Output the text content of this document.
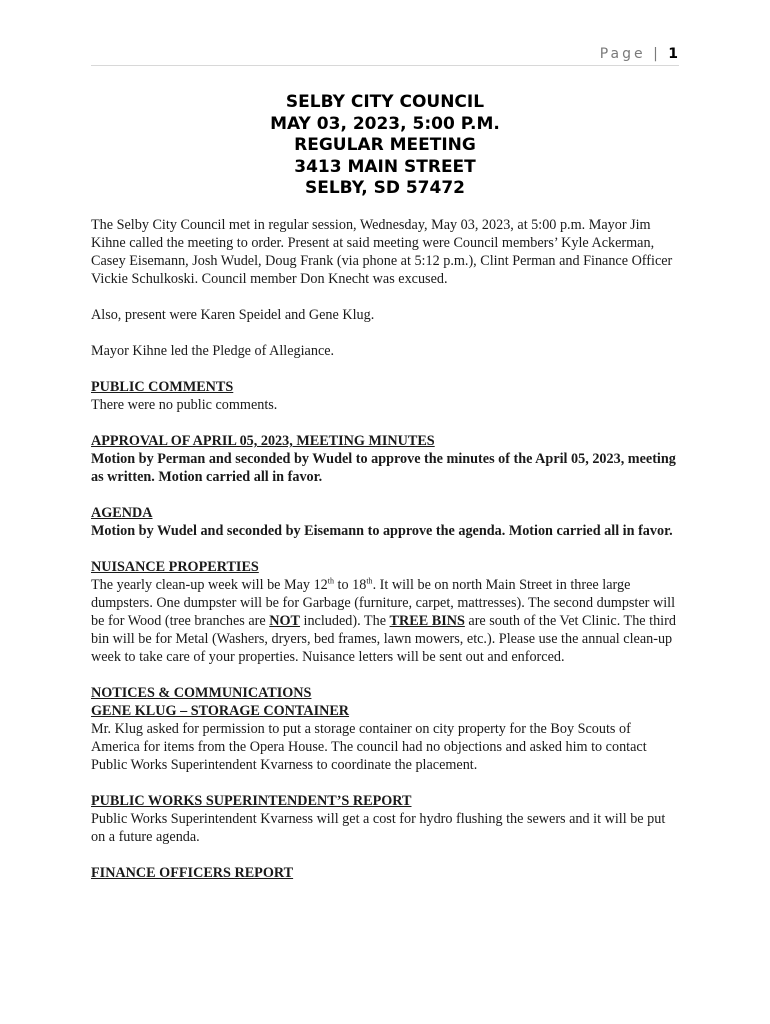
Page | 1
SELBY CITY COUNCIL
MAY 03, 2023, 5:00 P.M.
REGULAR MEETING
3413 MAIN STREET
SELBY, SD 57472

The Selby City Council met in regular session, Wednesday, May 03, 2023, at 5:00 p.m. Mayor Jim Kihne called the meeting to order. Present at said meeting were Council members’ Kyle Ackerman, Casey Eisemann, Josh Wudel, Doug Frank (via phone at 5:12 p.m.), Clint Perman and Finance Officer Vickie Schulkoski. Council member Don Knecht was excused.

Also, present were Karen Speidel and Gene Klug.

Mayor Kihne led the Pledge of Allegiance.

PUBLIC COMMENTS
There were no public comments.

APPROVAL OF APRIL 05, 2023, MEETING MINUTES
Motion by Perman and seconded by Wudel to approve the minutes of the April 05, 2023, meeting as written. Motion carried all in favor.

AGENDA
Motion by Wudel and seconded by Eisemann to approve the agenda. Motion carried all in favor.

NUISANCE PROPERTIES
The yearly clean-up week will be May 12th to 18th. It will be on north Main Street in three large dumpsters. One dumpster will be for Garbage (furniture, carpet, mattresses). The second dumpster will be for Wood (tree branches are NOT included). The TREE BINS are south of the Vet Clinic. The third bin will be for Metal (Washers, dryers, bed frames, lawn mowers, etc.). Please use the annual clean-up week to take care of your properties. Nuisance letters will be sent out and enforced.

NOTICES & COMMUNICATIONS
GENE KLUG – STORAGE CONTAINER
Mr. Klug asked for permission to put a storage container on city property for the Boy Scouts of America for items from the Opera House. The council had no objections and asked him to contact Public Works Superintendent Kvarness to coordinate the placement.

PUBLIC WORKS SUPERINTENDENT’S REPORT
Public Works Superintendent Kvarness will get a cost for hydro flushing the sewers and it will be put on a future agenda.

FINANCE OFFICERS REPORT
